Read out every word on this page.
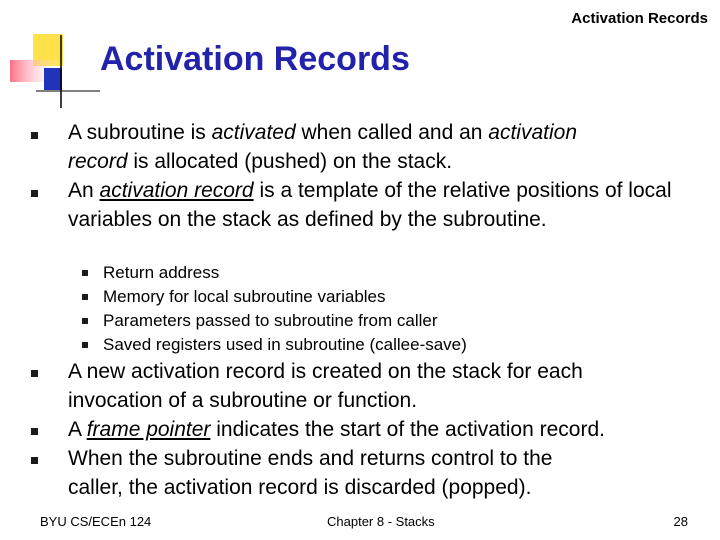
Activation Records
Activation Records
A subroutine is activated when called and an activation
record is allocated (pushed) on the stack.
An activation record is a template of the relative positions of local variables on the stack as defined by the subroutine.
Return address
Memory for local subroutine variables
Parameters passed to subroutine from caller
Saved registers used in subroutine (callee-save)
A new activation record is created on the stack for each
invocation of a subroutine or function.
A frame pointer indicates the start of the activation record.
When the subroutine ends and returns control to the
caller, the activation record is discarded (popped).
BYU CS/ECEn 124	Chapter 8 - Stacks	28
